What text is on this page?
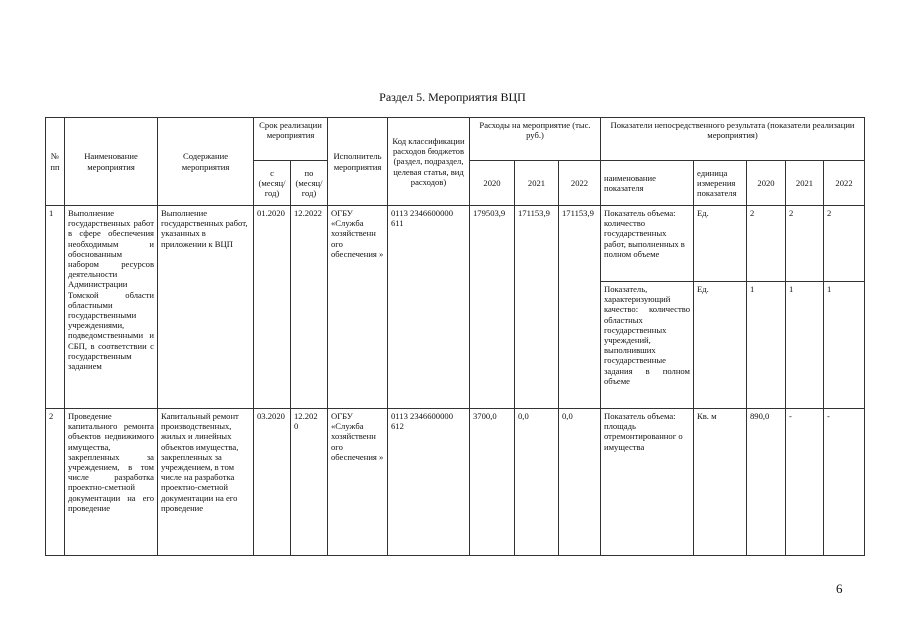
Раздел 5. Мероприятия ВЦП
№ пп	Наименование мероприятия	Содержание мероприятия	Срок реализации мероприятия		Исполнитель мероприятия	Код классификации расходов бюджетов (раздел, подраздел, целевая статья, вид расходов)	Расходы на мероприятие (тыс. руб.)			Показатели непосредственного результата (показатели реализации мероприятия)				
			с (месяц/ год)	по (месяц/ год)			2020	2021	2022	наименование показателя	единица измерения показателя	2020	2021	2022
1	Выполнение государственных работ в сфере обеспечения необходимым и обоснованным набором ресурсов деятельности Администрации Томской области областными государственными учреждениями, подведомственными и СБП, в соответствии с государственным заданием	Выполнение государственных работ, указанных в приложении к ВЦП	01.2020	12.2022	ОГБУ «Служба хозяйственн ого обеспечения »	0113 2346600000 611	179503,9	171153,9	171153,9	Показатель объема: количество государственных работ, выполненных в полном объеме	Ед.	2	2	2
										Показатель, характеризующий качество: количество областных государственных учреждений, выполнивших государственные задания в полном объеме	Ед.	1	1	1
2	Проведение капитального ремонта объектов недвижимого имущества, закрепленных за учреждением, в том числе разработка проектно-сметной документации на его проведение	Капитальный ремонт производственных, жилых и линейных объектов имущества, закрепленных за учреждением, в том числе на разработка проектно-сметной документации на его проведение	03.2020	12.202 0	ОГБУ «Служба хозяйственн ого обеспечения »	0113 2346600000 612	3700,0	0,0	0,0	Показатель объема: площадь отремонтированног о имущества	Кв. м	890,0	-	-
6
